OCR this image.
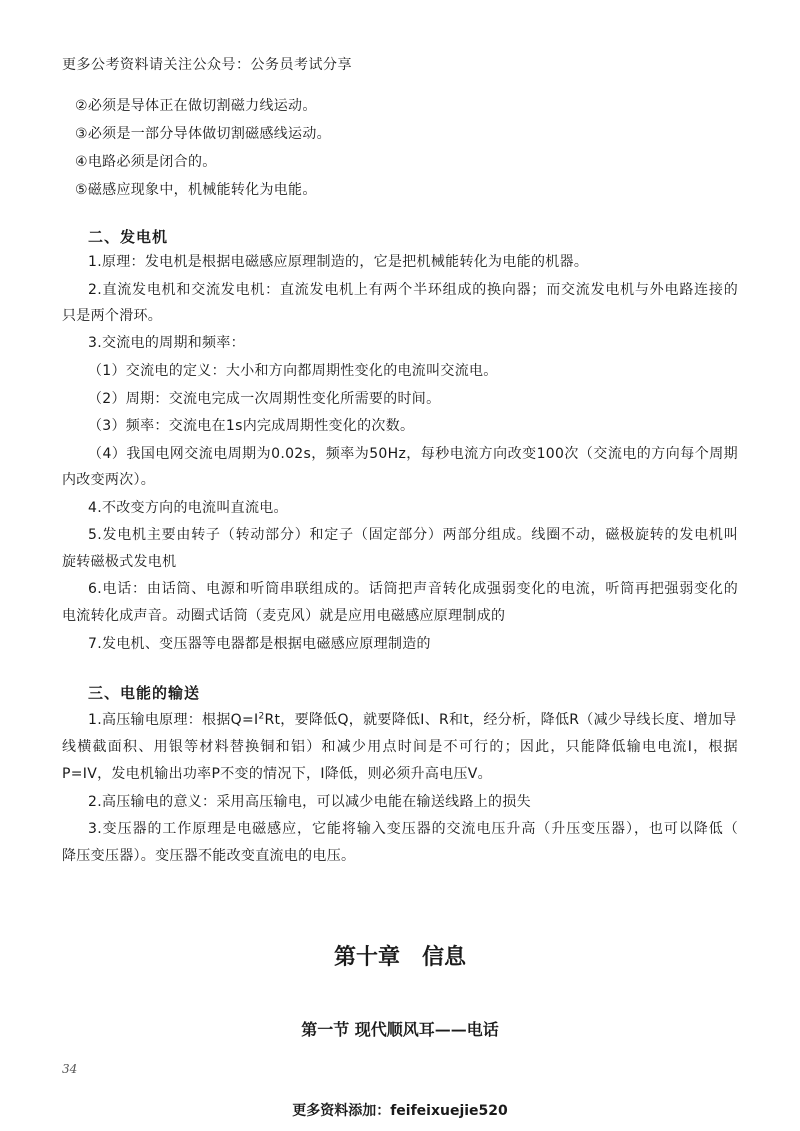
更多公考资料请关注公众号：公务员考试分享
②必须是导体正在做切割磁力线运动。
③必须是一部分导体做切割磁感线运动。
④电路必须是闭合的。
⑤磁感应现象中，机械能转化为电能。
二、发电机
1.原理：发电机是根据电磁感应原理制造的，它是把机械能转化为电能的机器。
2.直流发电机和交流发电机：直流发电机上有两个半环组成的换向器；而交流发电机与外电路连接的
只是两个滑环。
3.交流电的周期和频率：
（1）交流电的定义：大小和方向都周期性变化的电流叫交流电。
（2）周期：交流电完成一次周期性变化所需要的时间。
（3）频率：交流电在1s内完成周期性变化的次数。
（4）我国电网交流电周期为0.02s，频率为50Hz，每秒电流方向改变100次（交流电的方向每个周期
内改变两次）。
4.不改变方向的电流叫直流电。
5.发电机主要由转子（转动部分）和定子（固定部分）两部分组成。线圈不动，磁极旋转的发电机叫
旋转磁极式发电机
6.电话：由话筒、电源和听筒串联组成的。话筒把声音转化成强弱变化的电流，听筒再把强弱变化的
电流转化成声音。动圈式话筒（麦克风）就是应用电磁感应原理制成的
7.发电机、变压器等电器都是根据电磁感应原理制造的
三、电能的输送
1.高压输电原理：根据$Q=I^2Rt$，要降低Q，就要降低I、R和t，经分析，降低R（减少导线长度、增加导
线横截面积、用银等材料替换铜和铝）和减少用点时间是不可行的；因此，只能降低输电电流I，根据
P=IV，发电机输出功率P不变的情况下，I降低，则必须升高电压V。
2.高压输电的意义：采用高压输电，可以减少电能在输送线路上的损失
3.变压器的工作原理是电磁感应，它能将输入变压器的交流电压升高（升压变压器），也可以降低（
降压变压器）。变压器不能改变直流电的电压。
第十章　信息
第一节 现代顺风耳——电话
34
更多资料添加：feifeixuejie520
